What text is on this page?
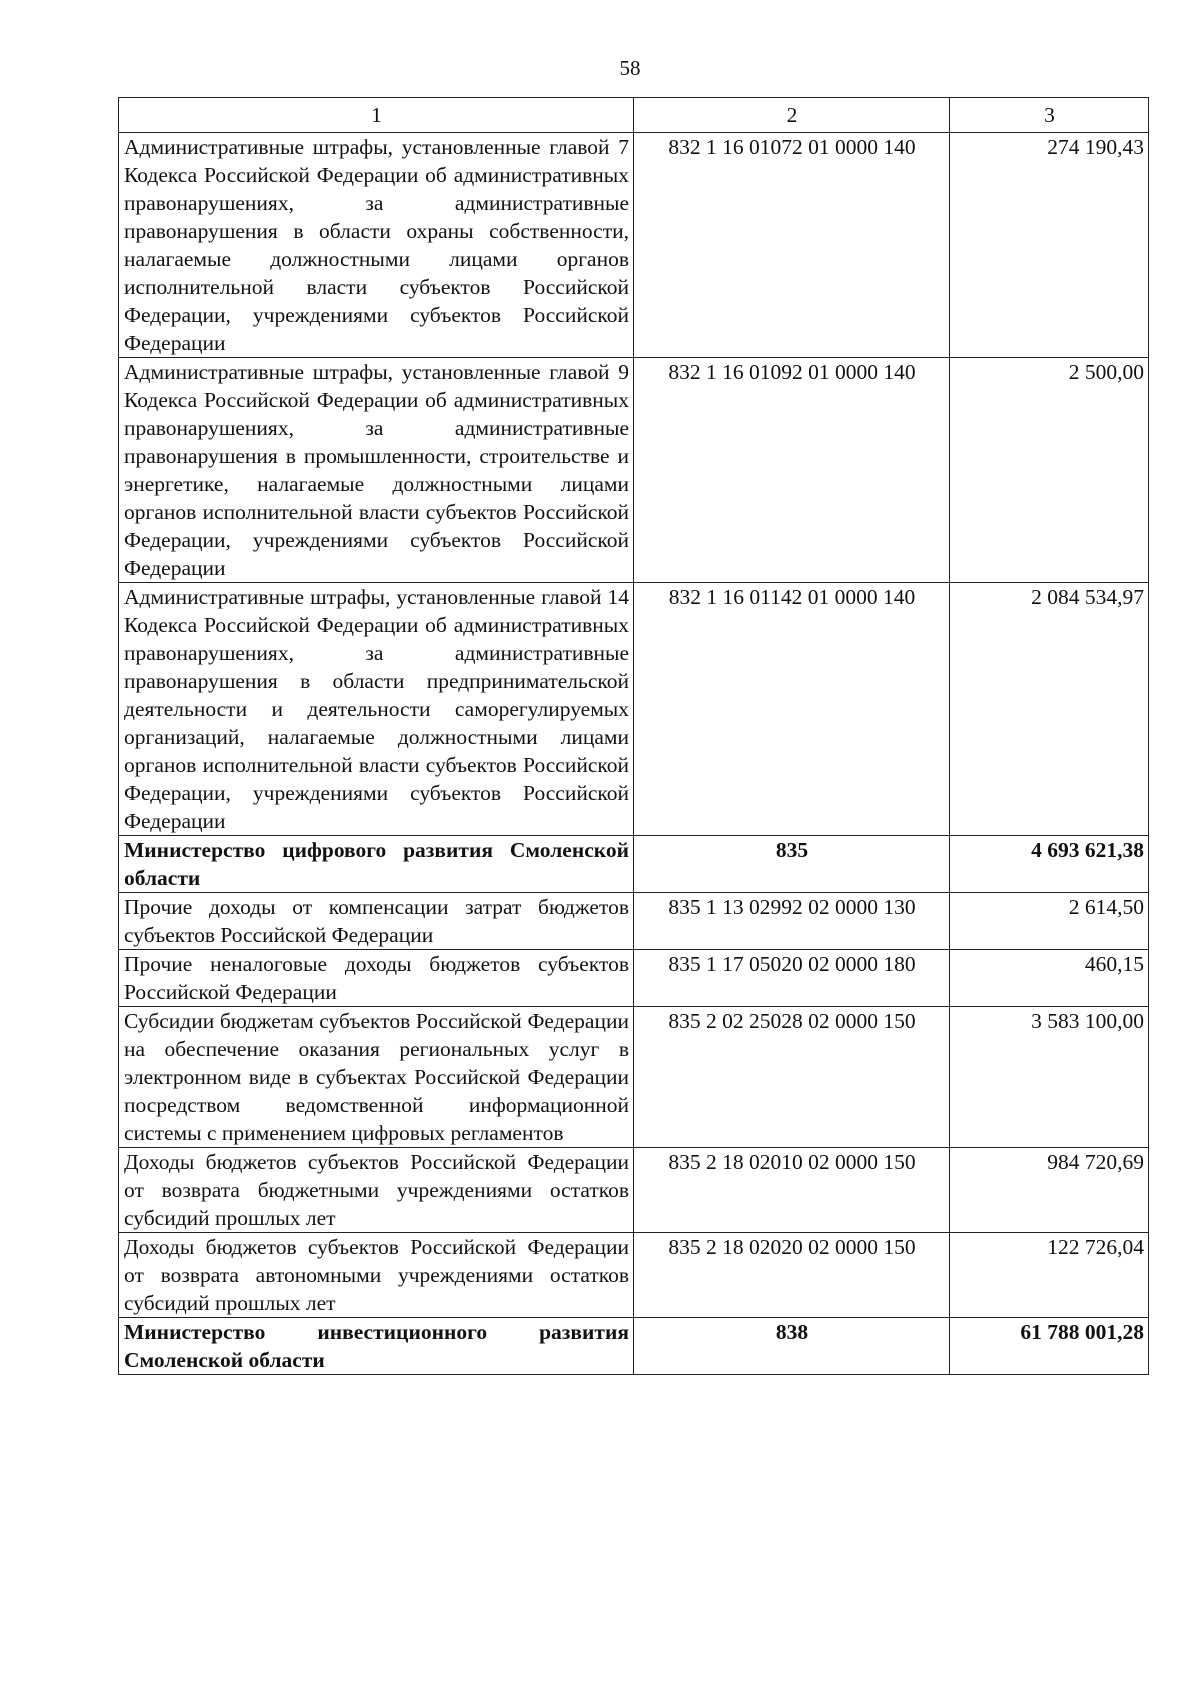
58
1	2	3
Административные штрафы, установленные главой 7 Кодекса Российской Федерации об административных правонарушениях, за административные правонарушения в области охраны собственности, налагаемые должностными лицами органов исполнительной власти субъектов Российской Федерации, учреждениями субъектов Российской Федерации	832 1 16 01072 01 0000 140	274 190,43
Административные штрафы, установленные главой 9 Кодекса Российской Федерации об административных правонарушениях, за административные правонарушения в промышленности, строительстве и энергетике, налагаемые должностными лицами органов исполнительной власти субъектов Российской Федерации, учреждениями субъектов Российской Федерации	832 1 16 01092 01 0000 140	2 500,00
Административные штрафы, установленные главой 14 Кодекса Российской Федерации об административных правонарушениях, за административные правонарушения в области предпринимательской деятельности и деятельности саморегулируемых организаций, налагаемые должностными лицами органов исполнительной власти субъектов Российской Федерации, учреждениями субъектов Российской Федерации	832 1 16 01142 01 0000 140	2 084 534,97
Министерство цифрового развития Смоленской области	835	4 693 621,38
Прочие доходы от компенсации затрат бюджетов субъектов Российской Федерации	835 1 13 02992 02 0000 130	2 614,50
Прочие неналоговые доходы бюджетов субъектов Российской Федерации	835 1 17 05020 02 0000 180	460,15
Субсидии бюджетам субъектов Российской Федерации на обеспечение оказания региональных услуг в электронном виде в субъектах Российской Федерации посредством ведомственной информационной системы с применением цифровых регламентов	835 2 02 25028 02 0000 150	3 583 100,00
Доходы бюджетов субъектов Российской Федерации от возврата бюджетными учреждениями остатков субсидий прошлых лет	835 2 18 02010 02 0000 150	984 720,69
Доходы бюджетов субъектов Российской Федерации от возврата автономными учреждениями остатков субсидий прошлых лет	835 2 18 02020 02 0000 150	122 726,04
Министерство инвестиционного развития Смоленской области	838	61 788 001,28
